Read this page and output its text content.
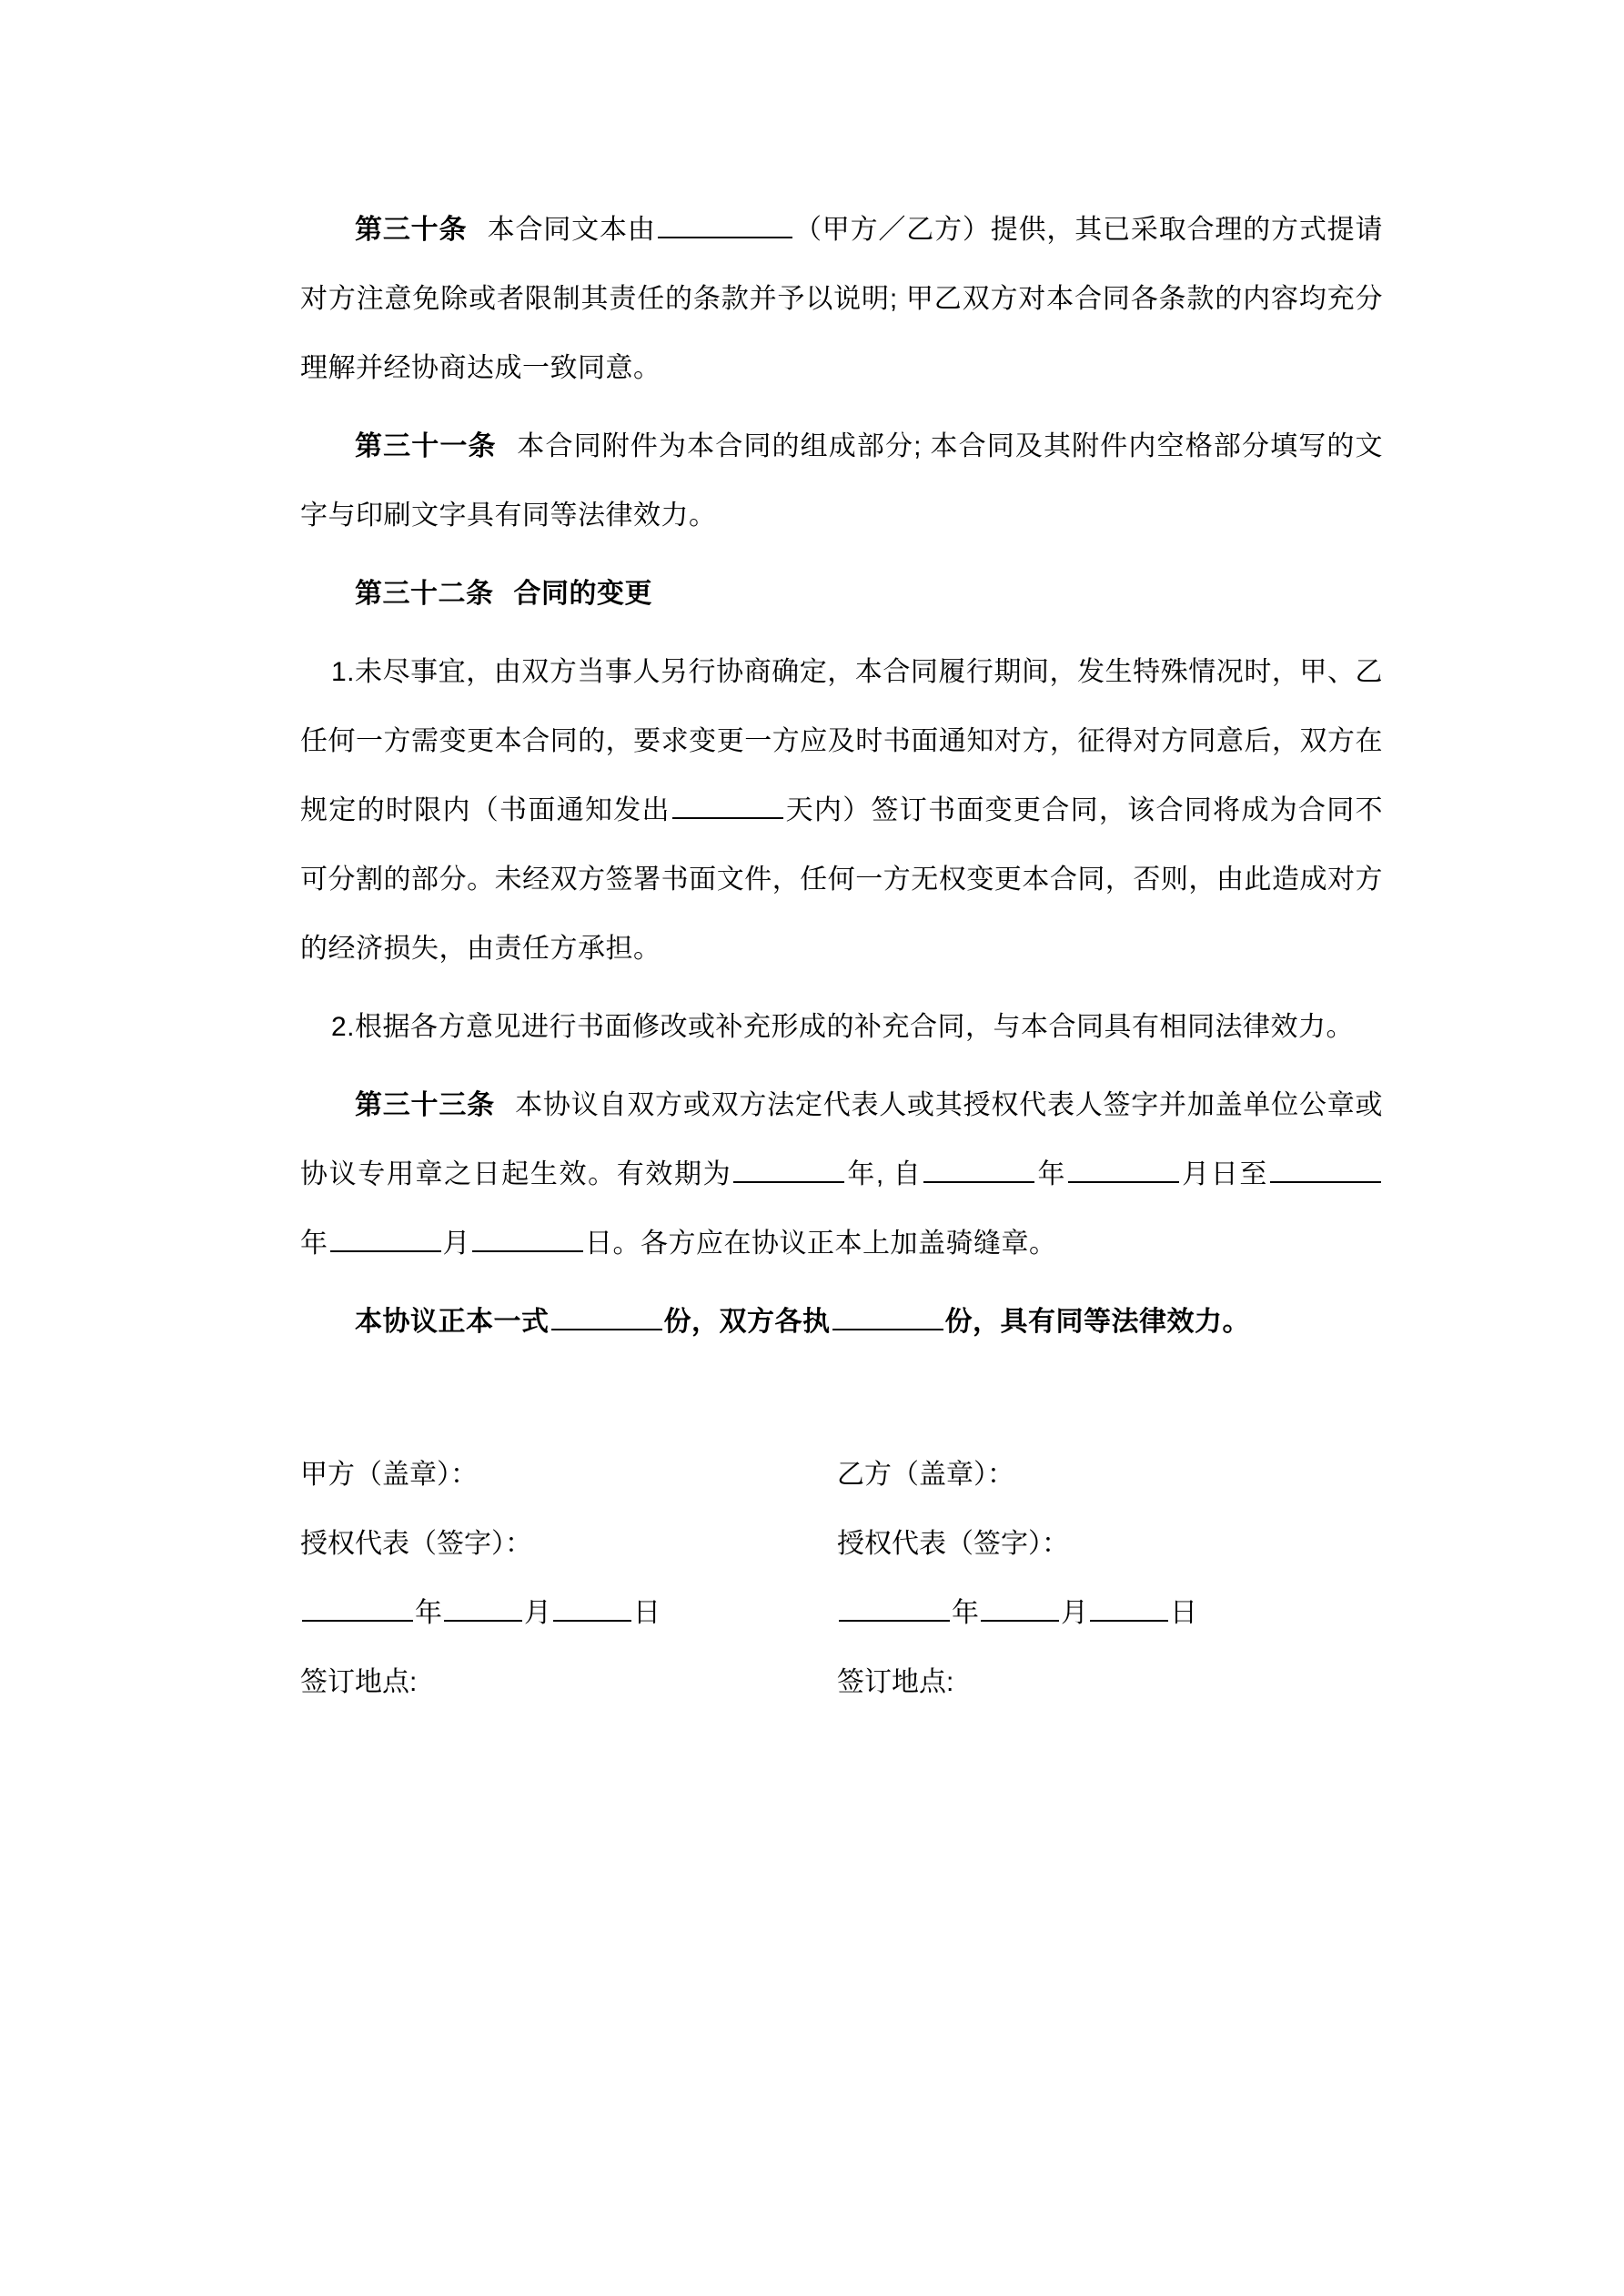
第三十条 本合同文本由	（甲方／乙方）提供，其已采取合理的方式提请对方注意免除或者限制其责任的条款并予以说明; 甲乙双方对本合同各条款的内容均充分理解并经协商达成一致同意。

第三十一条 本合同附件为本合同的组成部分; 本合同及其附件内空格部分填写的文字与印刷文字具有同等法律效力。

第三十二条 合同的变更

1.未尽事宜，由双方当事人另行协商确定，本合同履行期间，发生特殊情况时，甲、乙任何一方需变更本合同的，要求变更一方应及时书面通知对方，征得对方同意后，双方在规定的时限内（书面通知发出	天内）签订书面变更合同，该合同将成为合同不可分割的部分。未经双方签署书面文件，任何一方无权变更本合同，否则，由此造成对方的经济损失，由责任方承担。

2.根据各方意见进行书面修改或补充形成的补充合同，与本合同具有相同法律效力。

第三十三条 本协议自双方或双方法定代表人或其授权代表人签字并加盖单位公章或协议专用章之日起生效。有效期为	年, 自	年	月日至年	月	日。各方应在协议正本上加盖骑缝章。

本协议正本一式	份，双方各执	份，具有同等法律效力。

甲方（盖章）：	乙方（盖章）：
授权代表（签字）：	授权代表（签字）：
年	月	日	年	月	日
签订地点:	签订地点:
